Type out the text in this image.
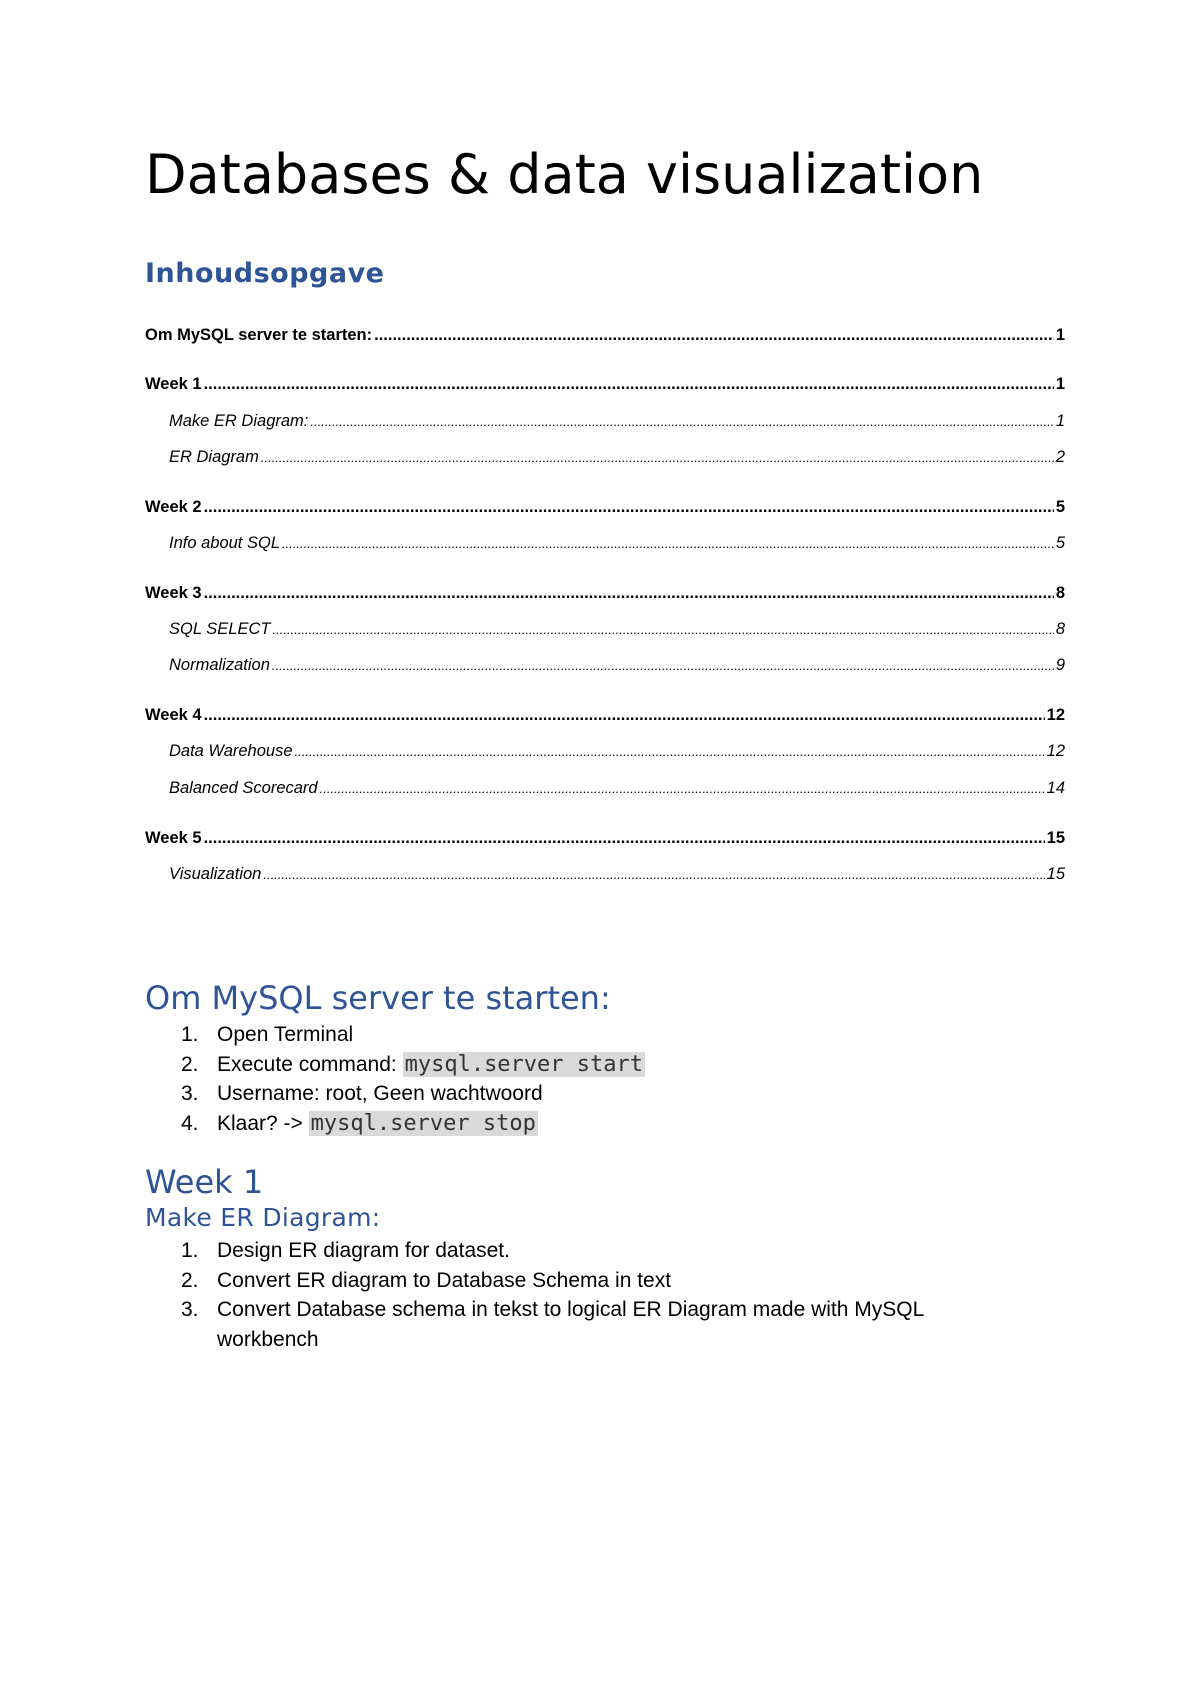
Databases & data visualization
Inhoudsopgave
Om MySQL server te starten: .....	1
Week 1 .....	1
Make ER Diagram: .....	1
ER Diagram .....	2
Week 2 .....	5
Info about SQL .....	5
Week 3 .....	8
SQL SELECT .....	8
Normalization .....	9
Week 4 .....	12
Data Warehouse .....	12
Balanced Scorecard .....	14
Week 5 .....	15
Visualization .....	15
Om MySQL server te starten:
1. Open Terminal
2. Execute command: mysql.server start
3. Username: root, Geen wachtwoord
4. Klaar? -> mysql.server stop
Week 1
Make ER Diagram:
1. Design ER diagram for dataset.
2. Convert ER diagram to Database Schema in text
3. Convert Database schema in tekst to logical ER Diagram made with MySQL workbench
